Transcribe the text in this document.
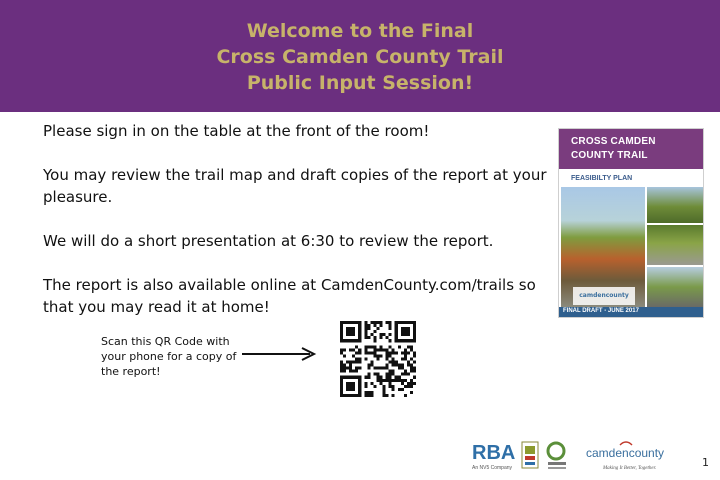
Welcome to the Final
Cross Camden County Trail
Public Input Session!

Please sign in on the table at the front of the room!

You may review the trail map and draft copies of the report at your pleasure.

We will do a short presentation at 6:30 to review the report.

The report is also available online at CamdenCounty.com/trails so that you may read it at home!

CROSS CAMDEN
COUNTY TRAIL
FEASIBILTY PLAN
camdencounty
FINAL DRAFT - JUNE 2017
Scan this QR Code with your phone for a copy of the report!
RBA
An NV5 Company
camdencounty
Making It Better, Together.	1
